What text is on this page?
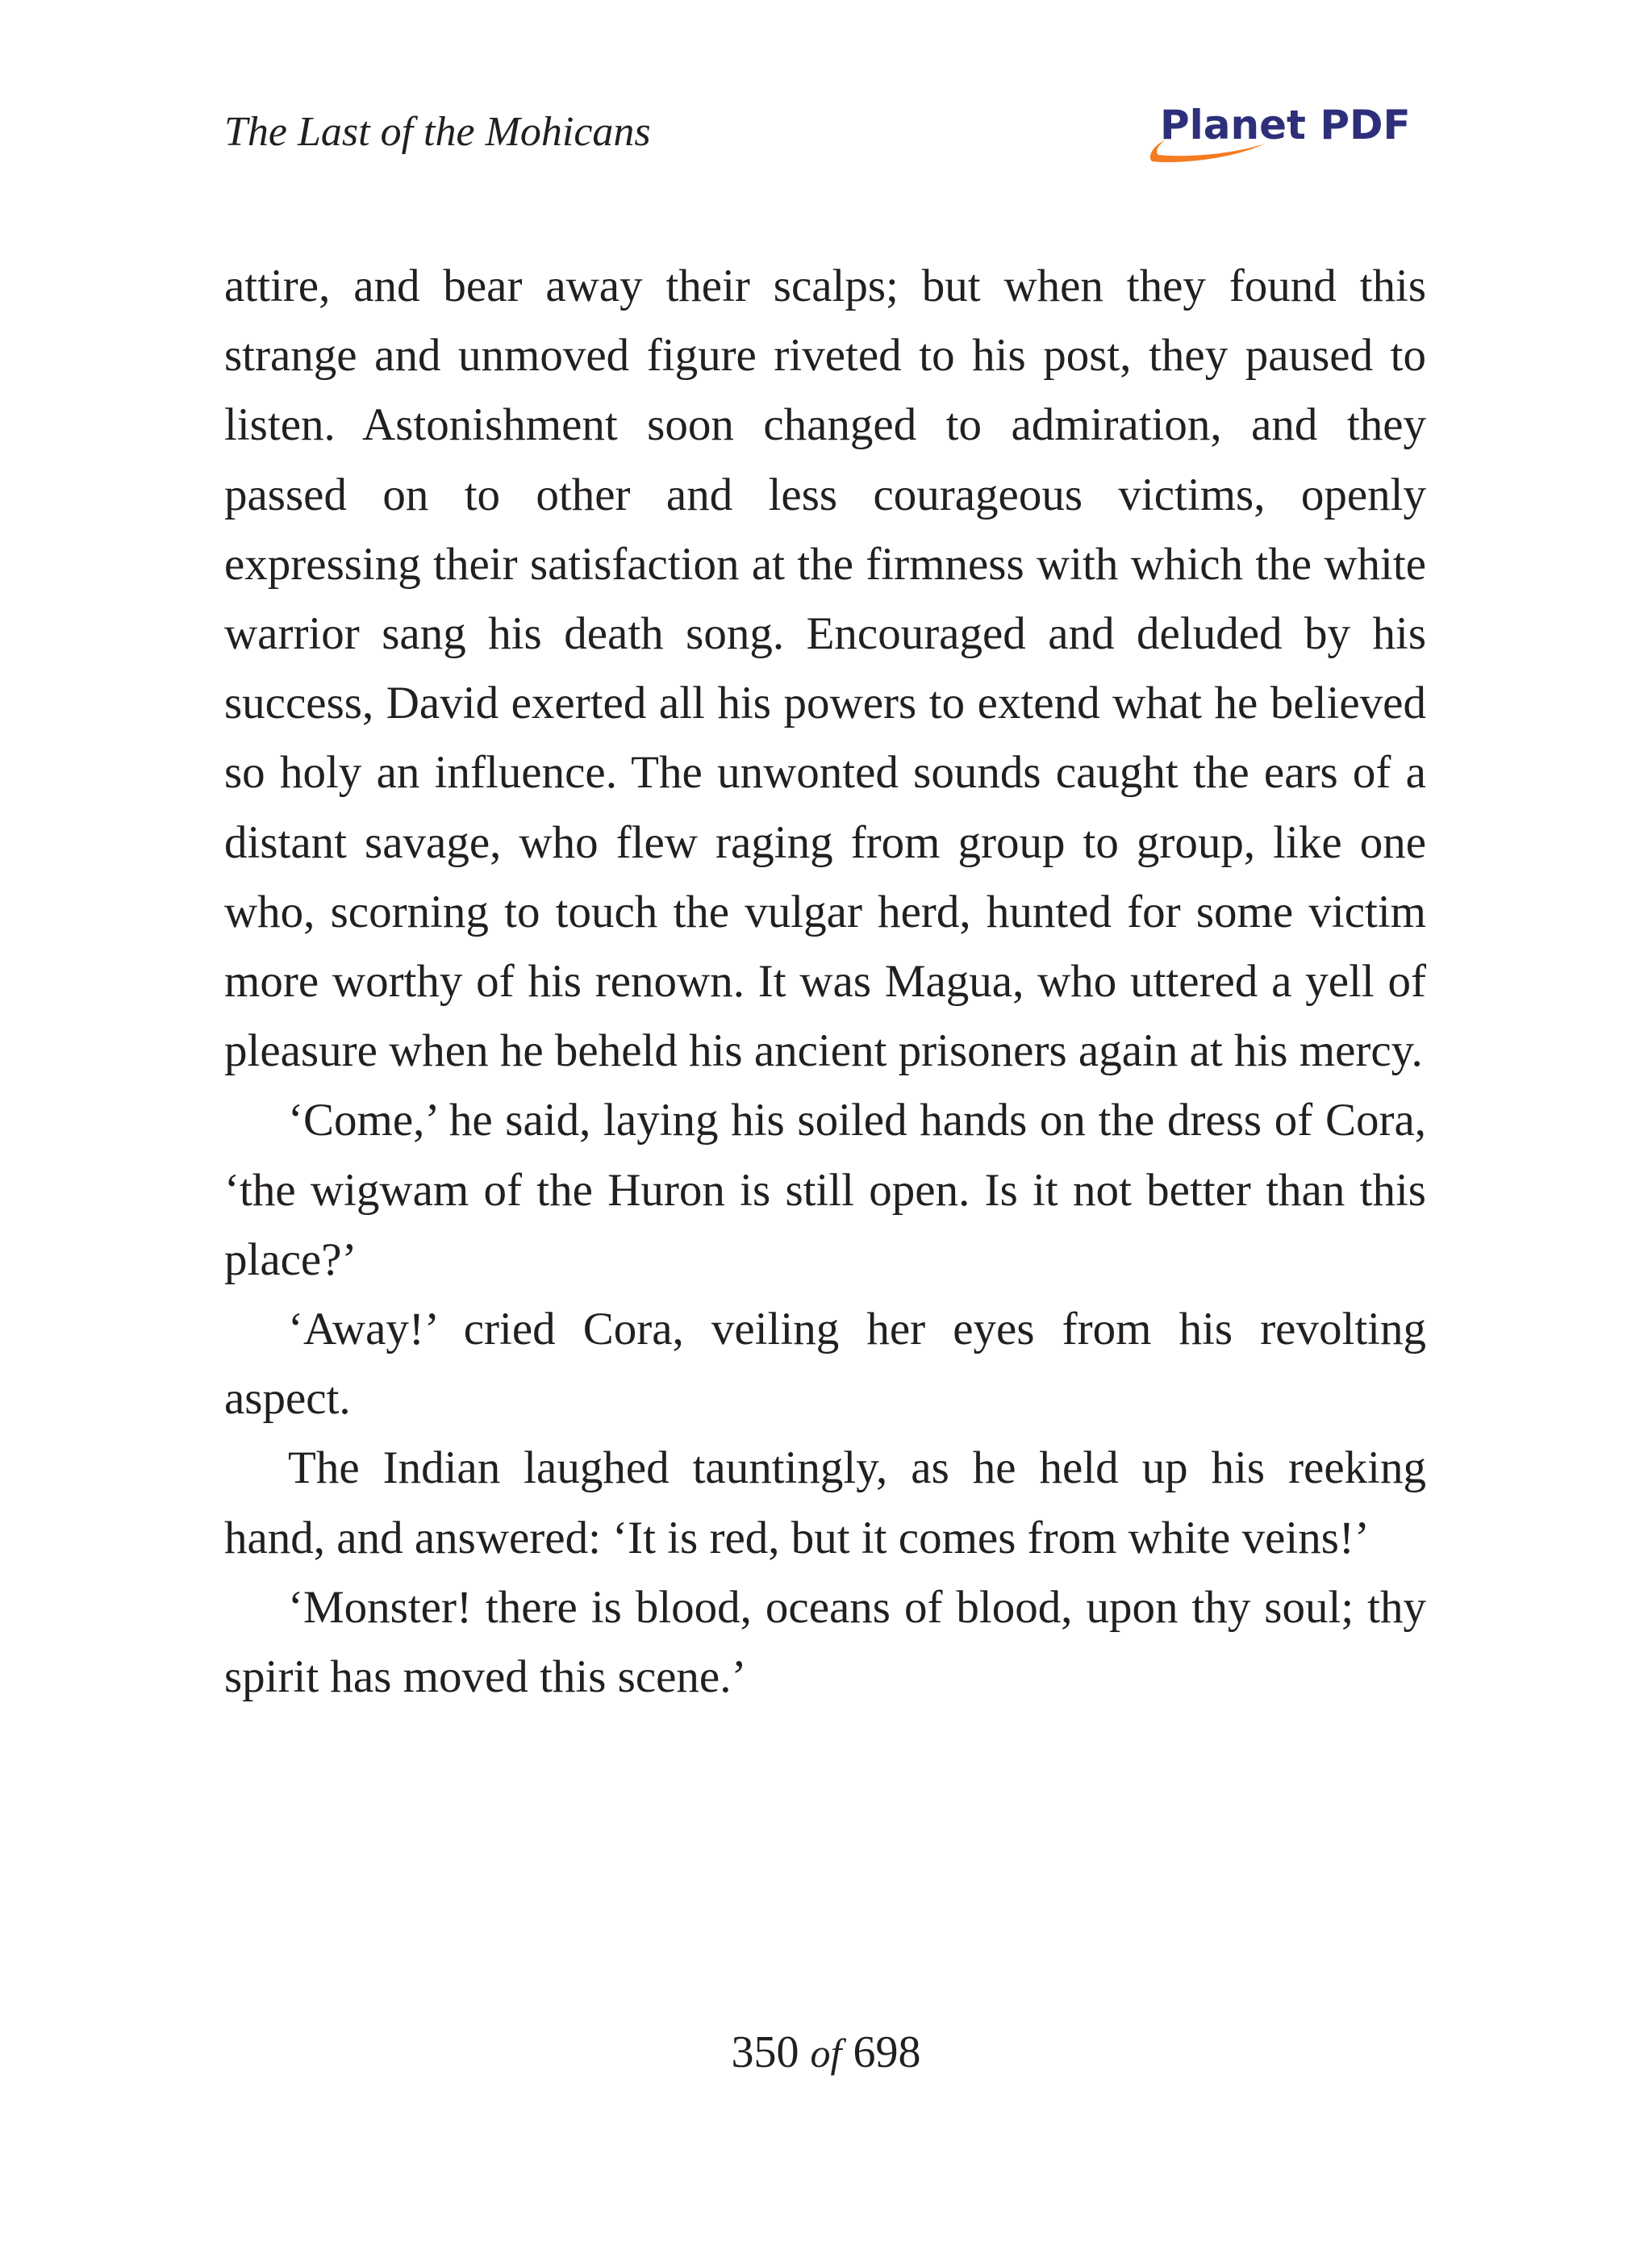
The Last of the Mohicans	Planet PDF

attire, and bear away their scalps; but when they found this strange and unmoved figure riveted to his post, they paused to listen. Astonishment soon changed to admiration, and they passed on to other and less courageous victims, openly expressing their satisfaction at the firmness with which the white warrior sang his death song. Encouraged and deluded by his success, David exerted all his powers to extend what he believed so holy an influence. The unwonted sounds caught the ears of a distant savage, who flew raging from group to group, like one who, scorning to touch the vulgar herd, hunted for some victim more worthy of his renown. It was Magua, who uttered a yell of pleasure when he beheld his ancient prisoners again at his mercy.

‘Come,’ he said, laying his soiled hands on the dress of Cora, ‘the wigwam of the Huron is still open. Is it not better than this place?’

‘Away!’ cried Cora, veiling her eyes from his revolting aspect.

The Indian laughed tauntingly, as he held up his reeking hand, and answered: ‘It is red, but it comes from white veins!’

‘Monster! there is blood, oceans of blood, upon thy soul; thy spirit has moved this scene.’

350 of 698
